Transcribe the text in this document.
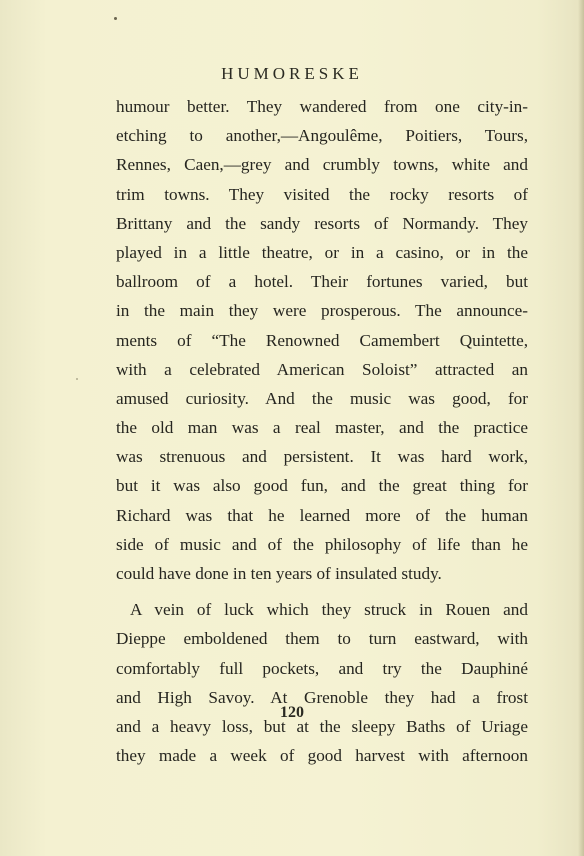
HUMORESKE
humour better. They wandered from one city-in-
etching to another,—Angoulême, Poitiers, Tours,
Rennes, Caen,—grey and crumbly towns, white and
trim towns. They visited the rocky resorts of
Brittany and the sandy resorts of Normandy. They
played in a little theatre, or in a casino, or in the
ballroom of a hotel. Their fortunes varied, but
in the main they were prosperous. The announce-
ments of “The Renowned Camembert Quintette,
with a celebrated American Soloist” attracted an
amused curiosity. And the music was good, for
the old man was a real master, and the practice
was strenuous and persistent. It was hard work,
but it was also good fun, and the great thing for
Richard was that he learned more of the human
side of music and of the philosophy of life than he
could have done in ten years of insulated study.
A vein of luck which they struck in Rouen and
Dieppe emboldened them to turn eastward, with
comfortably full pockets, and try the Dauphiné
and High Savoy. At Grenoble they had a frost
and a heavy loss, but at the sleepy Baths of Uriage
they made a week of good harvest with afternoon
120
